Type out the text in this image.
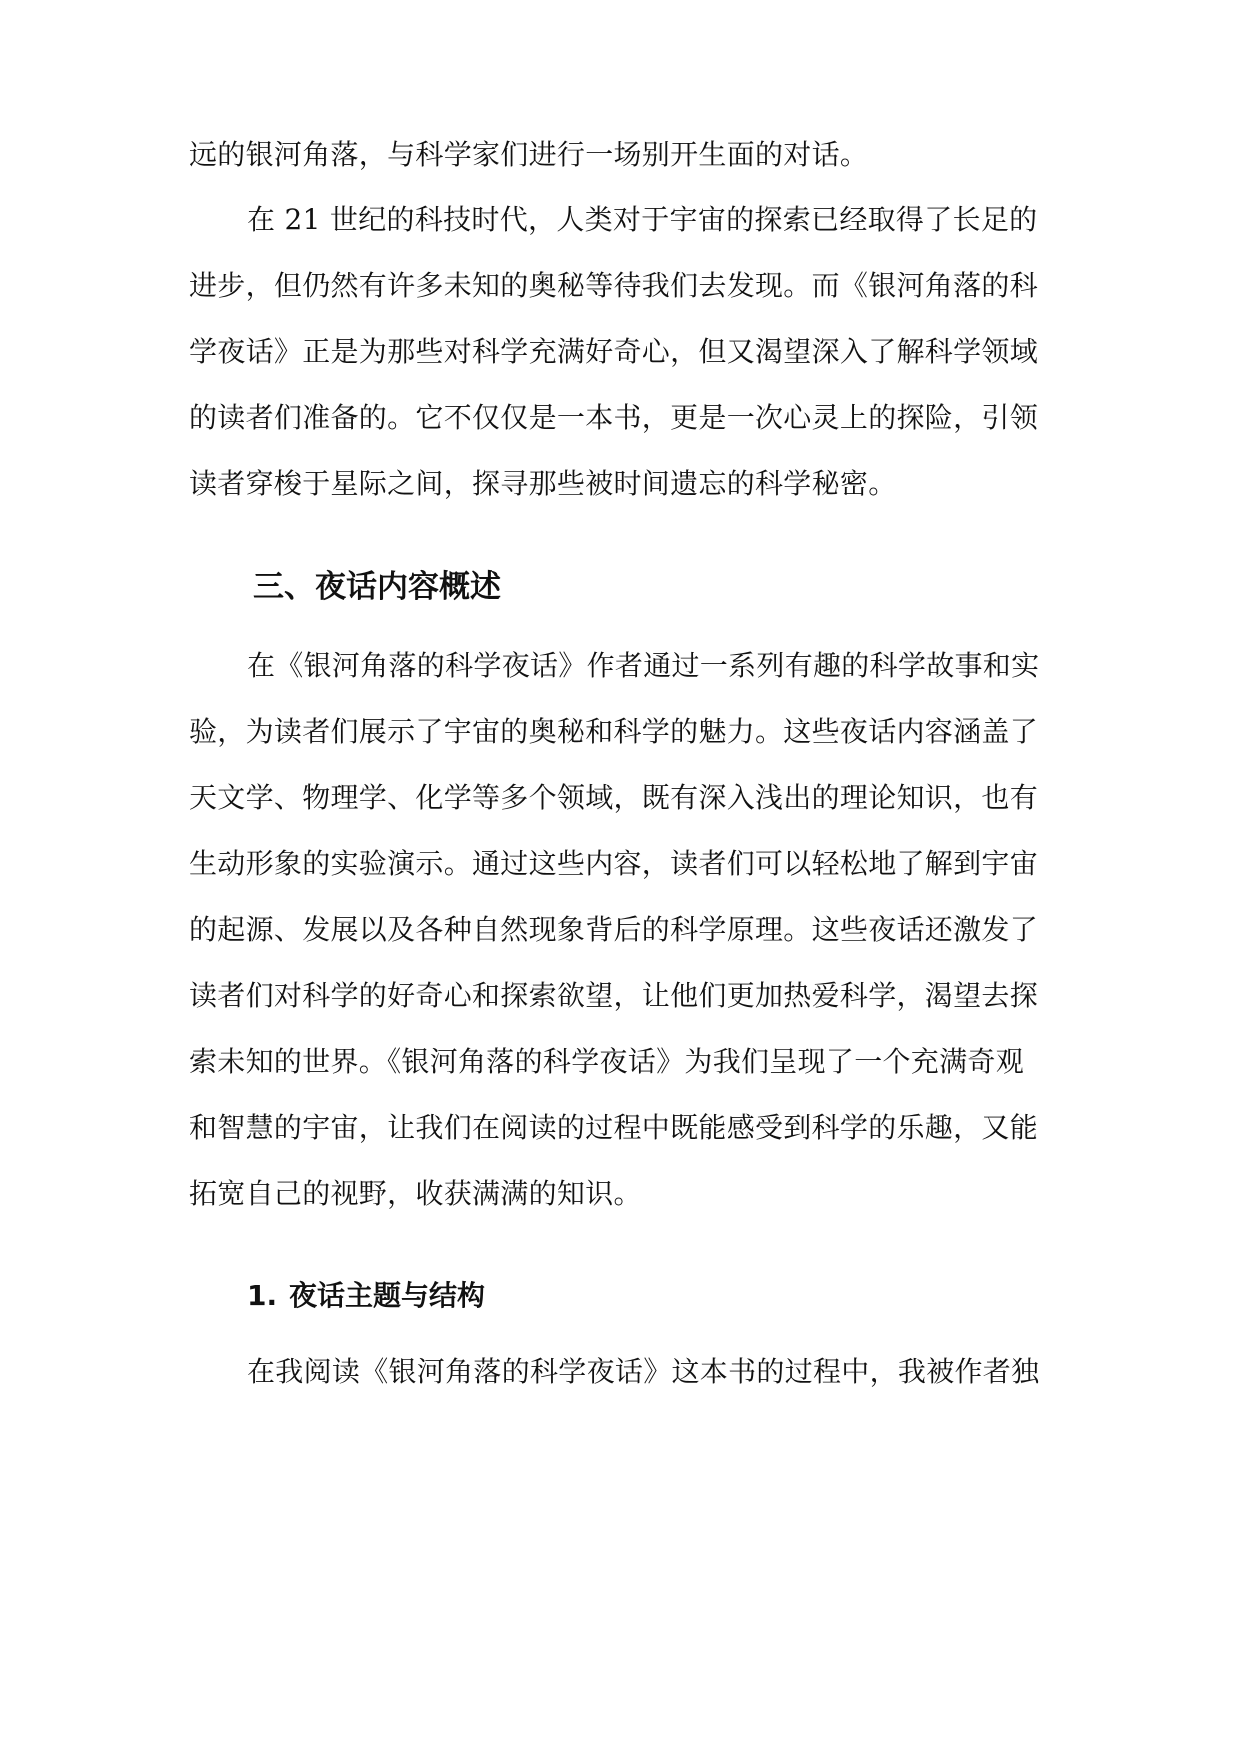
远的银河角落，与科学家们进行一场别开生面的对话。
在 21 世纪的科技时代，人类对于宇宙的探索已经取得了长足的
进步，但仍然有许多未知的奥秘等待我们去发现。而《银河角落的科
学夜话》正是为那些对科学充满好奇心，但又渴望深入了解科学领域
的读者们准备的。它不仅仅是一本书，更是一次心灵上的探险，引领
读者穿梭于星际之间，探寻那些被时间遗忘的科学秘密。
三、夜话内容概述
在《银河角落的科学夜话》作者通过一系列有趣的科学故事和实
验，为读者们展示了宇宙的奥秘和科学的魅力。这些夜话内容涵盖了
天文学、物理学、化学等多个领域，既有深入浅出的理论知识，也有
生动形象的实验演示。通过这些内容，读者们可以轻松地了解到宇宙
的起源、发展以及各种自然现象背后的科学原理。这些夜话还激发了
读者们对科学的好奇心和探索欲望，让他们更加热爱科学，渴望去探
索未知的世界。《银河角落的科学夜话》为我们呈现了一个充满奇观
和智慧的宇宙，让我们在阅读的过程中既能感受到科学的乐趣，又能
拓宽自己的视野，收获满满的知识。
1. 夜话主题与结构
在我阅读《银河角落的科学夜话》这本书的过程中，我被作者独
